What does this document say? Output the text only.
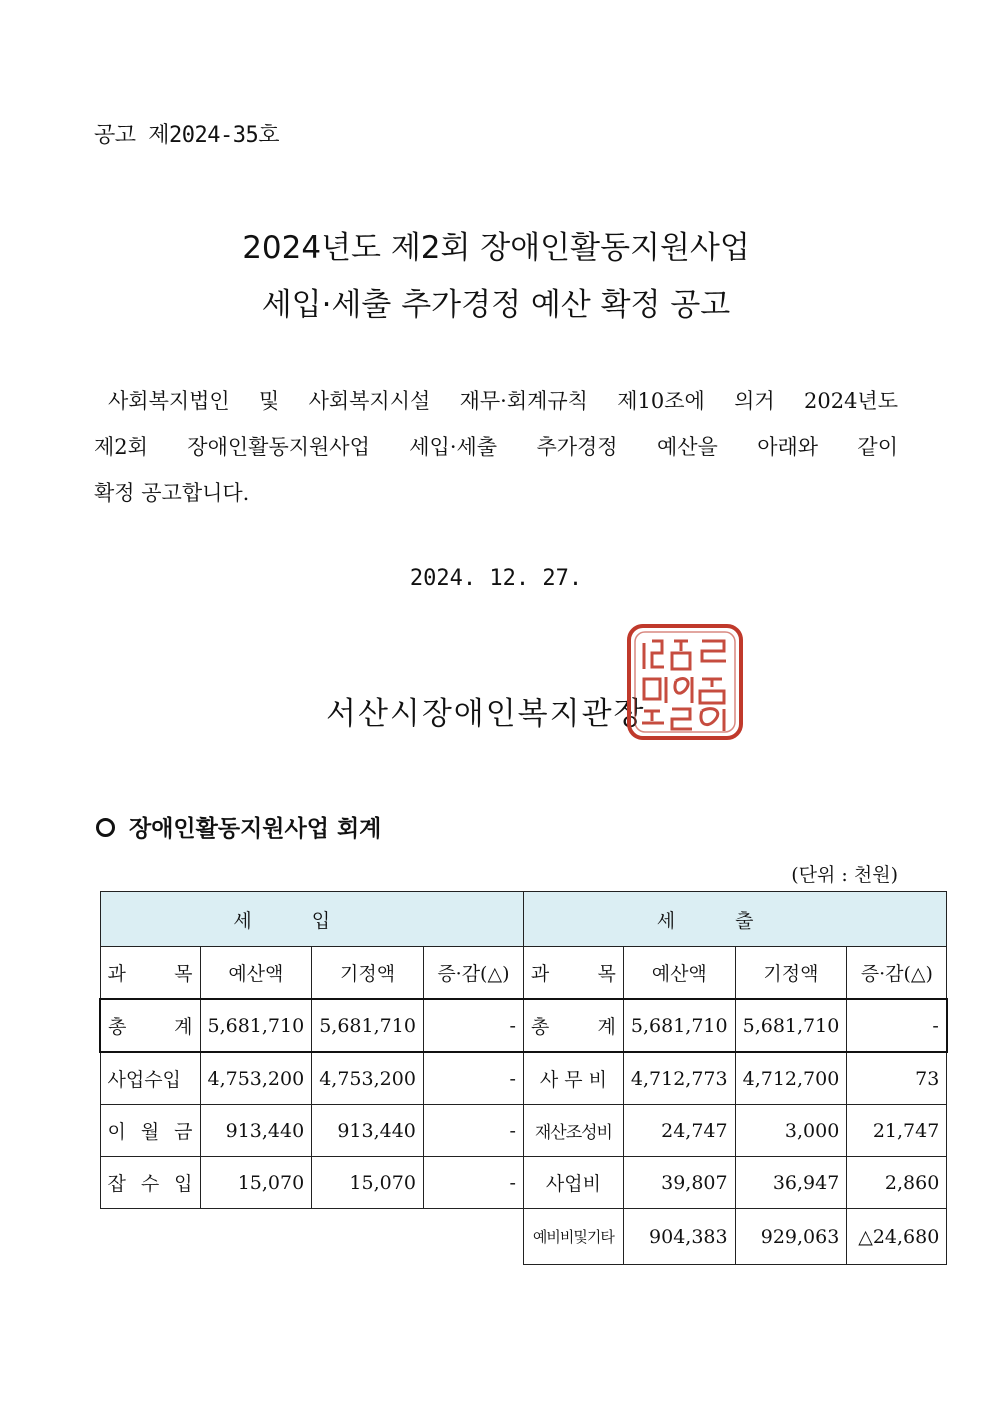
공고 제2024-35호
2024년도 제2회 장애인활동지원사업
세입·세출 추가경정 예산 확정 공고
사회복지법인 및 사회복지시설 재무·회계규칙 제10조에 의거 2024년도
제2회 장애인활동지원사업 세입·세출 추가경정 예산을 아래와 같이
확정 공고합니다.
2024. 12. 27.
서산시장애인복지관장
장애인활동지원사업 회계
(단위 : 천원)
세입				세출			
과 목	예산액	기정액	증·감(△)	과 목	예산액	기정액	증·감(△)
총 계	5,681,710	5,681,710	-	총 계	5,681,710	5,681,710	-
사업수입	4,753,200	4,753,200	-	사 무 비	4,712,773	4,712,700	73
이 월 금	913,440	913,440	-	재산조성비	24,747	3,000	21,747
잡 수 입	15,070	15,070	-	사업비	39,807	36,947	2,860
				예비비및기타	904,383	929,063	△24,680
